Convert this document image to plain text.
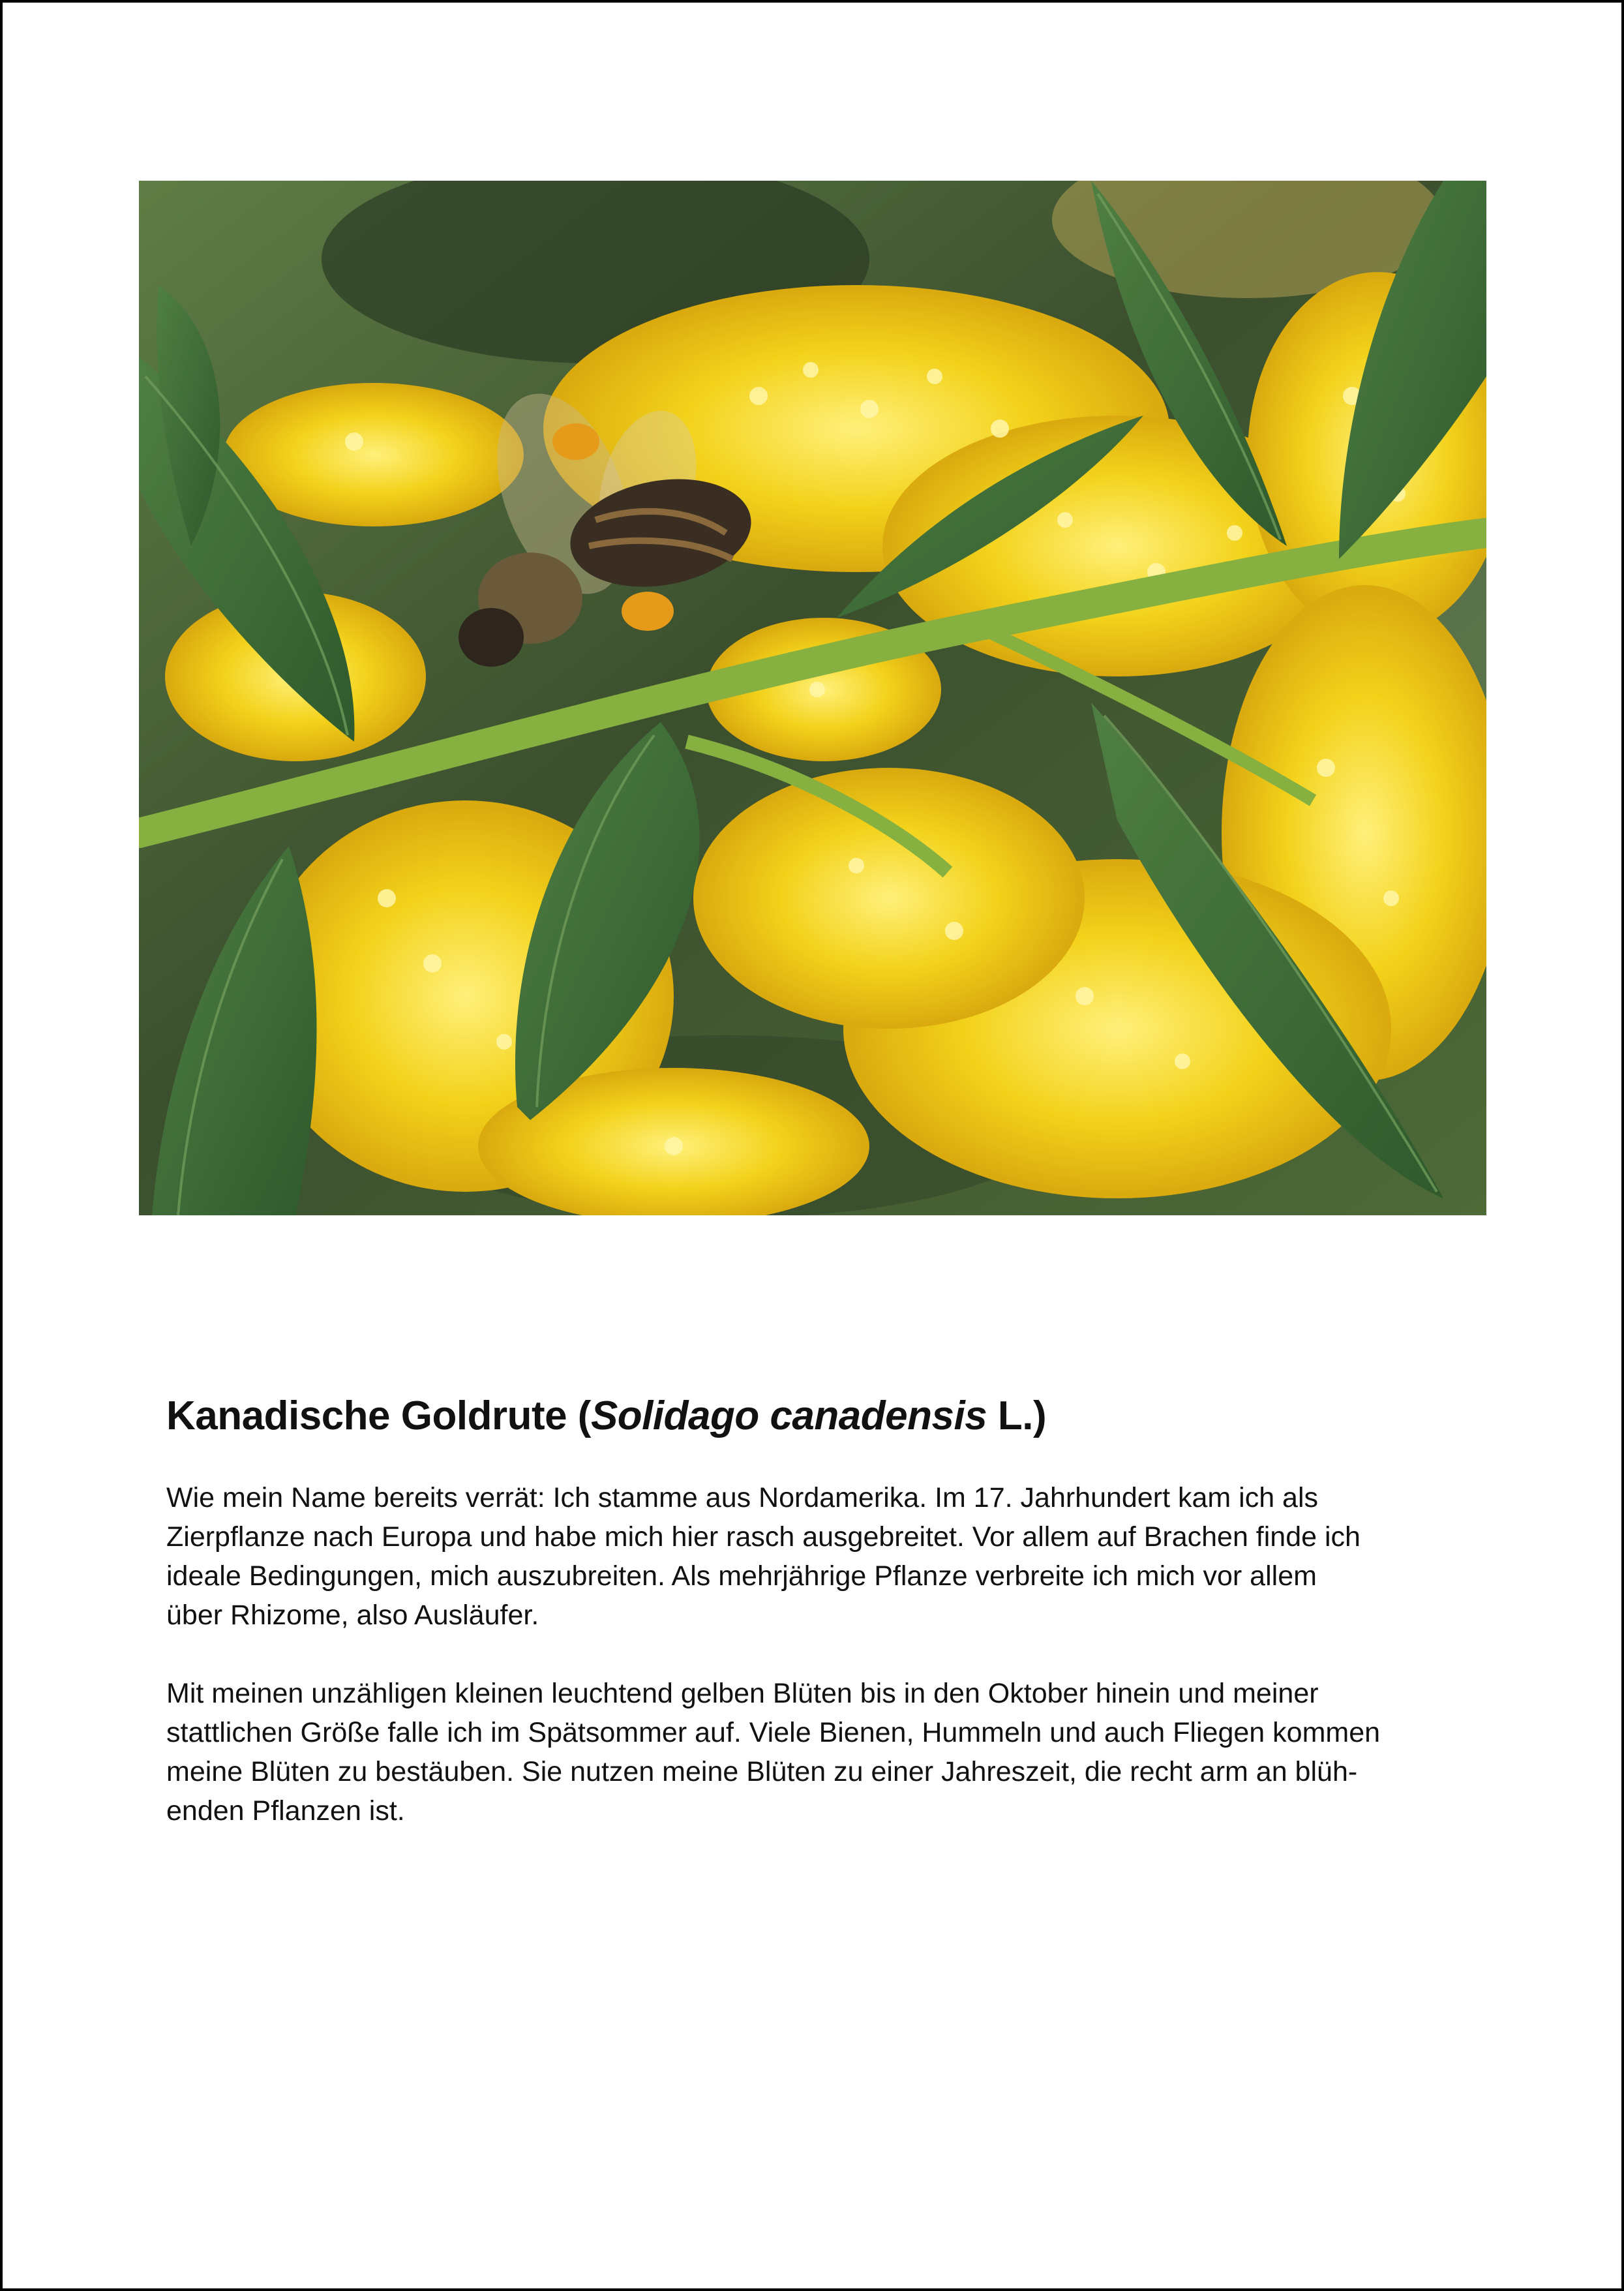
Kanadische Goldrute (Solidago canadensis L.)

Wie mein Name bereits verrät: Ich stamme aus Nordamerika. Im 17. Jahrhundert kam ich als
Zierpflanze nach Europa und habe mich hier rasch ausgebreitet. Vor allem auf Brachen finde ich
ideale Bedingungen, mich auszubreiten. Als mehrjährige Pflanze verbreite ich mich vor allem
über Rhizome, also Ausläufer.

Mit meinen unzähligen kleinen leuchtend gelben Blüten bis in den Oktober hinein und meiner
stattlichen Größe falle ich im Spätsommer auf. Viele Bienen, Hummeln und auch Fliegen kommen
meine Blüten zu bestäuben. Sie nutzen meine Blüten zu einer Jahreszeit, die recht arm an blüh-
enden Pflanzen ist.
